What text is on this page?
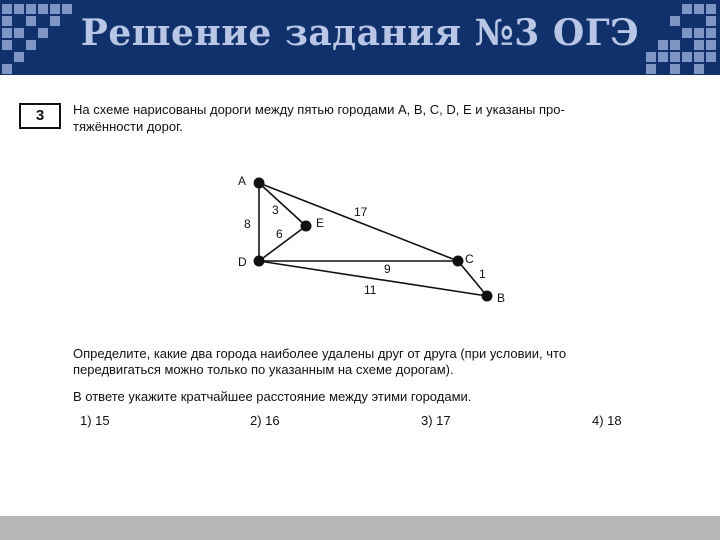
Решение задания №3 ОГЭ
3	На схеме нарисованы дороги между пятью городами A, B, C, D, E и указаны про-
тяжённости дорог.
A
E
D	C
B
3
8
17
6
9
11
1
Определите, какие два города наиболее удалены друг от друга (при условии, что
передвигаться можно только по указанным на схеме дорогам).
В ответе укажите кратчайшее расстояние между этими городами.
1) 15	2) 16	3) 17	4) 18
